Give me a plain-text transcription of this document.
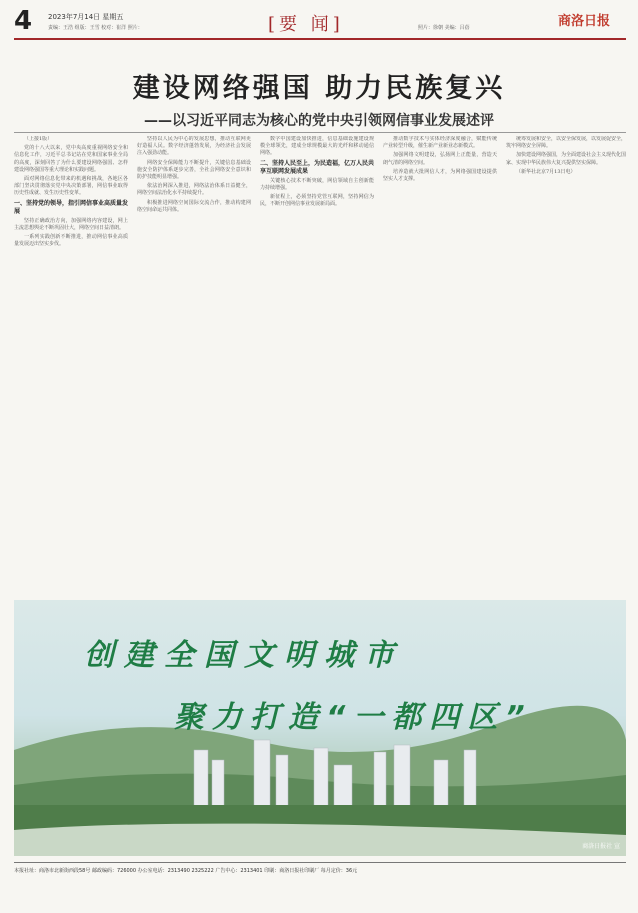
4 2023年7月14日 星期五
责编：王浩 组版：王雪 校对：崔洋 照片：	[要 闻]	照片：徐朝 美编：吕蓓	商洛日报
建设网络强国 助力民族复兴
——以习近平同志为核心的党中央引领网信事业发展述评

（上接1版）

党的十八大以来，党中央高度重视网络安全和信息化工作，习近平总书记站在党和国家事业全局的高度，深刻回答了为什么要建设网络强国、怎样建设网络强国等重大理论和实践问题。

面对网络信息化带来的机遇和挑战，各地区各部门坚决贯彻落实党中央决策部署，网信事业取得历史性成就、发生历史性变革。

一、坚持党的领导，指引网信事业高质量发展

坚持正确政治方向，加强网络内容建设，网上主流思想舆论不断巩固壮大，网络空间日益清朗。

一系列实践创新不断推进，推动网信事业高质量发展迈出坚实步伐。

坚持以人民为中心的发展思想，推动互联网更好造福人民。数字经济蓬勃发展，为经济社会发展注入强劲动能。

网络安全保障能力不断提升，关键信息基础设施安全防护体系逐步完善，全社会网络安全意识和防护技能明显增强。

依法治网深入推进，网络法治体系日益健全，网络空间法治化水平持续提升。

积极推进网络空间国际交流合作，推动构建网络空间命运共同体。

数字中国建设加快推进，信息基础设施建设规模全球领先，建成全球规模最大的光纤和移动通信网络。

二、坚持人民至上，为民造福，亿万人民共享互联网发展成果

关键核心技术不断突破，网信领域自主创新能力持续增强。

新征程上，必须坚持党管互联网，坚持网信为民，不断开创网信事业发展新局面。

推动数字技术与实体经济深度融合，赋能传统产业转型升级，催生新产业新业态新模式。

加强网络文明建设，弘扬网上正能量，营造天朗气清的网络空间。

培养造就大批网信人才，为网络强国建设提供坚实人才支撑。

统筹发展和安全，以安全保发展，以发展促安全，筑牢网络安全屏障。

加快建设网络强国，为全面建设社会主义现代化国家、实现中华民族伟大复兴提供坚实保障。

（新华社北京7月13日电）

创建全国文明城市
聚力打造“一都四区”
商洛日报社 宣
本报社址：商洛市北新街西段58号 邮政编码：726000 办公室电话：2313490 2325222 广告中心：2313401 印刷：商洛日报社印刷厂 每月定价：36元
